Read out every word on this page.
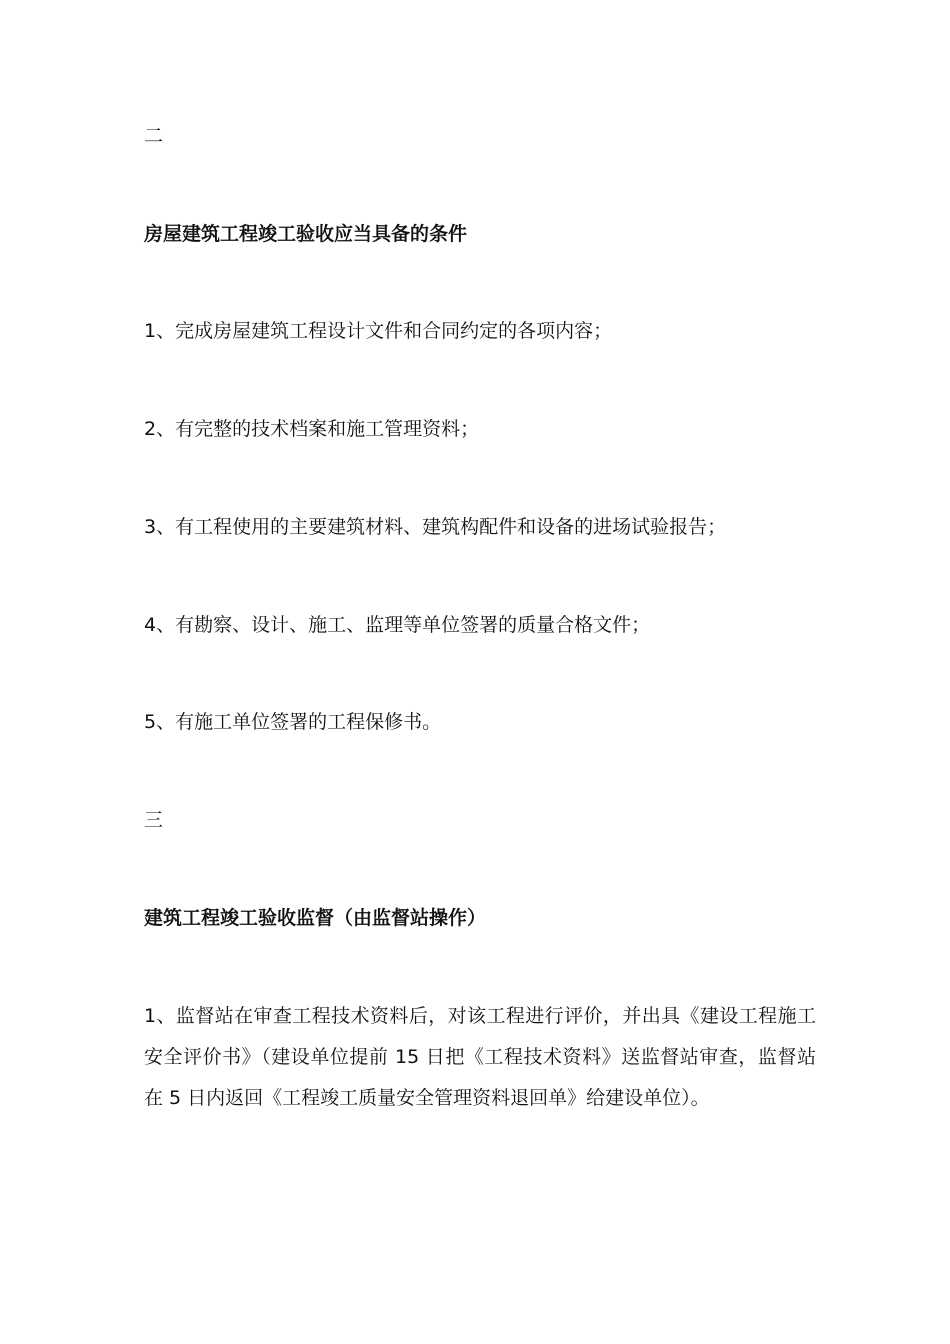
二

房屋建筑工程竣工验收应当具备的条件

1、完成房屋建筑工程设计文件和合同约定的各项内容；

2、有完整的技术档案和施工管理资料；

3、有工程使用的主要建筑材料、建筑构配件和设备的进场试验报告；

4、有勘察、设计、施工、监理等单位签署的质量合格文件；

5、有施工单位签署的工程保修书。

三

建筑工程竣工验收监督（由监督站操作）

1、监督站在审查工程技术资料后，对该工程进行评价，并出具《建设工程施工安全评价书》（建设单位提前 15 日把《工程技术资料》送监督站审查，监督站在 5 日内返回《工程竣工质量安全管理资料退回单》给建设单位）。
